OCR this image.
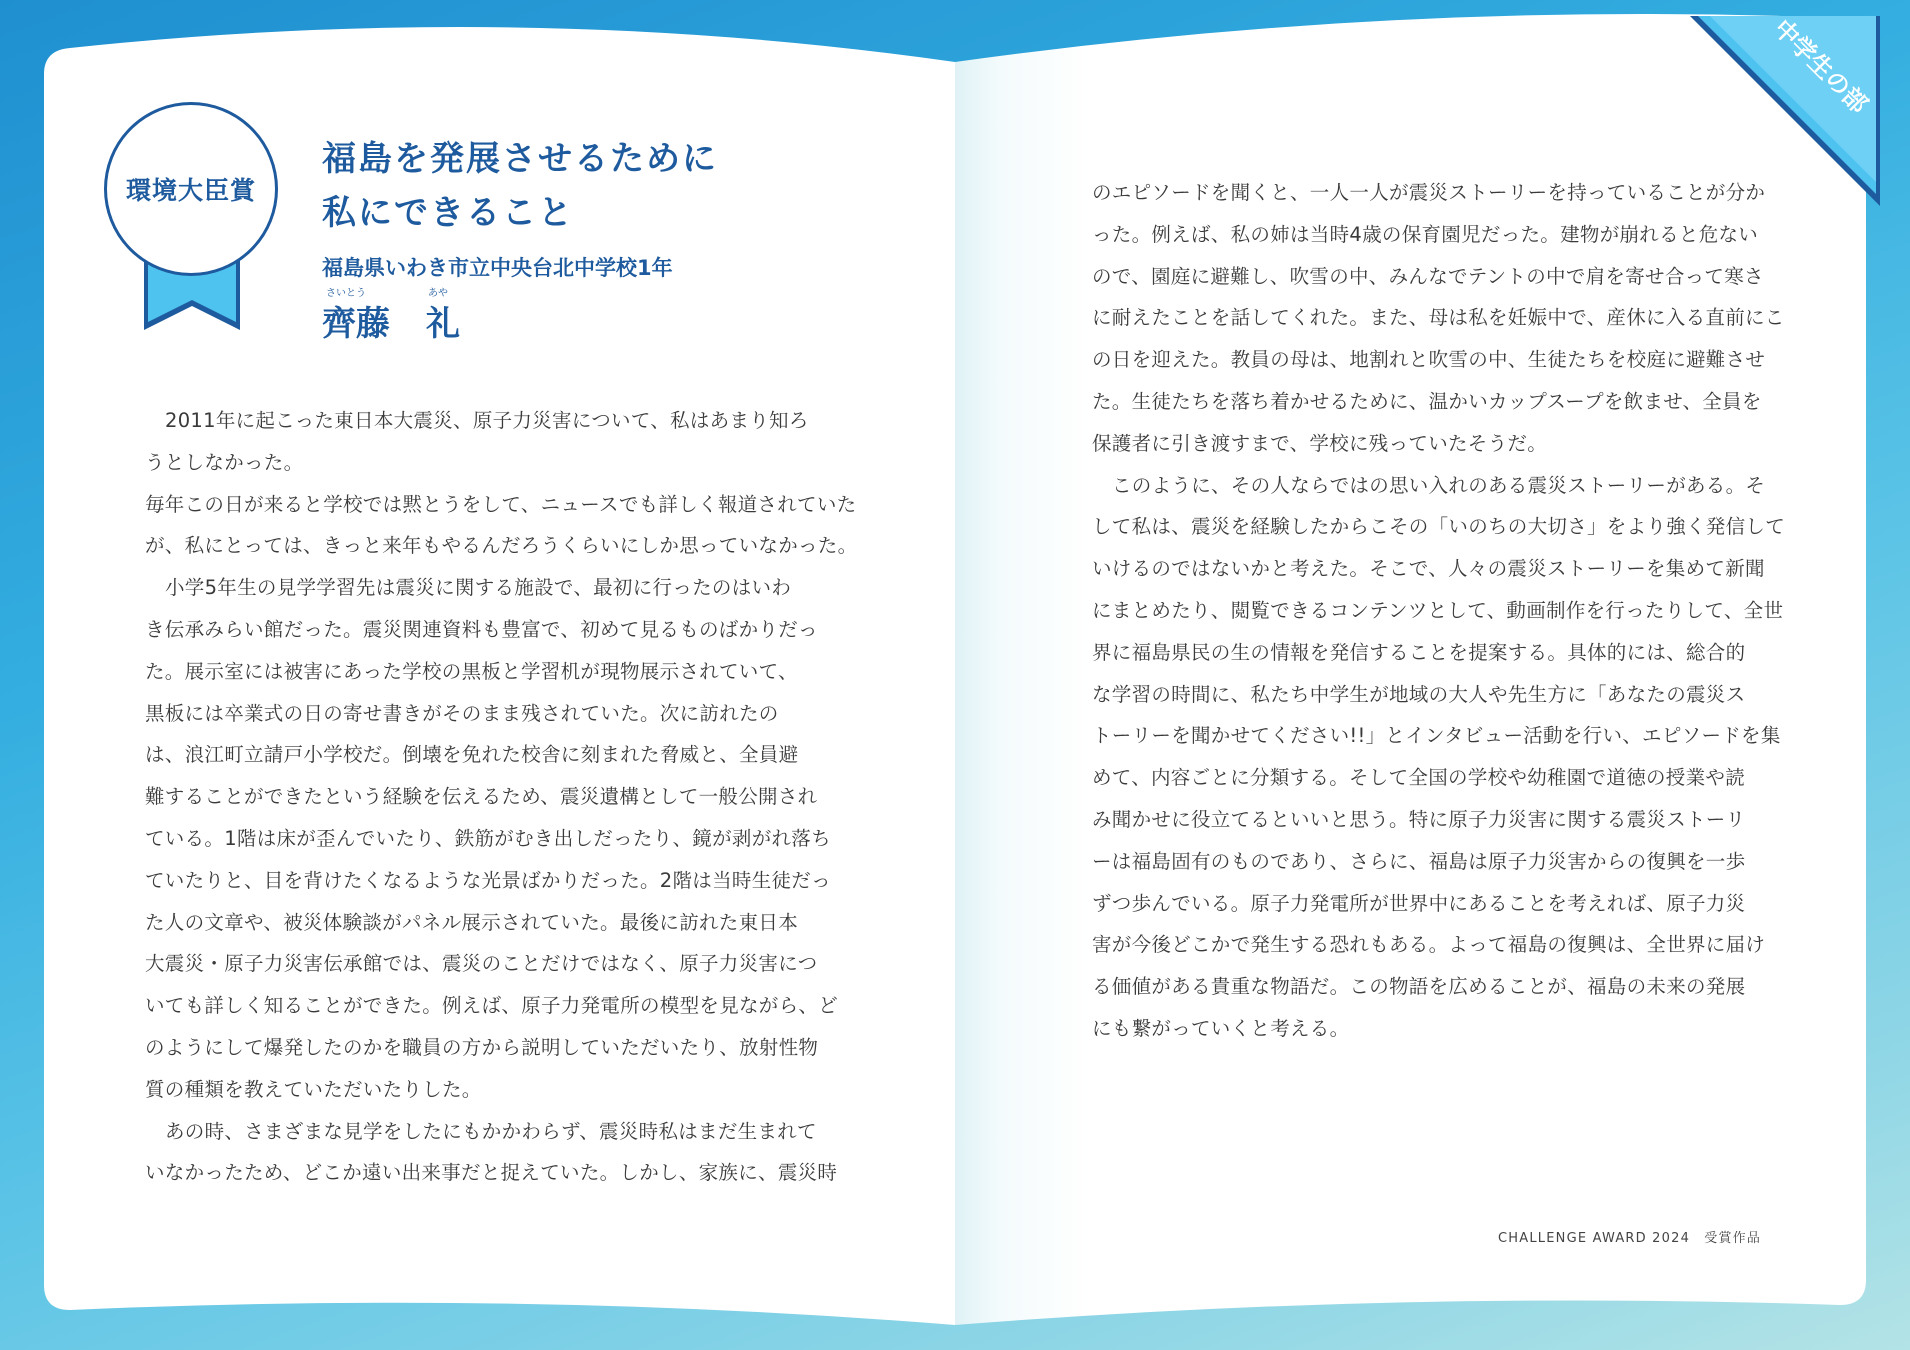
中学生の部
環境大臣賞
福島を発展させるために
私にできること
福島県いわき市立中央台北中学校1年
さいとう	あや
齊藤 礼

2011年に起こった東日本大震災、原子力災害について、私はあまり知ろ

うとしなかった。

毎年この日が来ると学校では黙とうをして、ニュースでも詳しく報道されていた

が、私にとっては、きっと来年もやるんだろうくらいにしか思っていなかった。

小学5年生の見学学習先は震災に関する施設で、最初に行ったのはいわ

き伝承みらい館だった。震災関連資料も豊富で、初めて見るものばかりだっ

た。展示室には被害にあった学校の黒板と学習机が現物展示されていて、

黒板には卒業式の日の寄せ書きがそのまま残されていた。次に訪れたの

は、浪江町立請戸小学校だ。倒壊を免れた校舎に刻まれた脅威と、全員避

難することができたという経験を伝えるため、震災遺構として一般公開され

ている。1階は床が歪んでいたり、鉄筋がむき出しだったり、鏡が剥がれ落ち

ていたりと、目を背けたくなるような光景ばかりだった。2階は当時生徒だっ

た人の文章や、被災体験談がパネル展示されていた。最後に訪れた東日本

大震災・原子力災害伝承館では、震災のことだけではなく、原子力災害につ

いても詳しく知ることができた。例えば、原子力発電所の模型を見ながら、ど

のようにして爆発したのかを職員の方から説明していただいたり、放射性物

質の種類を教えていただいたりした。

あの時、さまざまな見学をしたにもかかわらず、震災時私はまだ生まれて

いなかったため、どこか遠い出来事だと捉えていた。しかし、家族に、震災時

のエピソードを聞くと、一人一人が震災ストーリーを持っていることが分か

った。例えば、私の姉は当時4歳の保育園児だった。建物が崩れると危ない

ので、園庭に避難し、吹雪の中、みんなでテントの中で肩を寄せ合って寒さ

に耐えたことを話してくれた。また、母は私を妊娠中で、産休に入る直前にこ

の日を迎えた。教員の母は、地割れと吹雪の中、生徒たちを校庭に避難させ

た。生徒たちを落ち着かせるために、温かいカップスープを飲ませ、全員を

保護者に引き渡すまで、学校に残っていたそうだ。

このように、その人ならではの思い入れのある震災ストーリーがある。そ

して私は、震災を経験したからこその「いのちの大切さ」をより強く発信して

いけるのではないかと考えた。そこで、人々の震災ストーリーを集めて新聞

にまとめたり、閲覧できるコンテンツとして、動画制作を行ったりして、全世

界に福島県民の生の情報を発信することを提案する。具体的には、総合的

な学習の時間に、私たち中学生が地域の大人や先生方に「あなたの震災ス

トーリーを聞かせてください!!」とインタビュー活動を行い、エピソードを集

めて、内容ごとに分類する。そして全国の学校や幼稚園で道徳の授業や読

み聞かせに役立てるといいと思う。特に原子力災害に関する震災ストーリ

ーは福島固有のものであり、さらに、福島は原子力災害からの復興を一歩

ずつ歩んでいる。原子力発電所が世界中にあることを考えれば、原子力災

害が今後どこかで発生する恐れもある。よって福島の復興は、全世界に届け

る価値がある貴重な物語だ。この物語を広めることが、福島の未来の発展

にも繋がっていくと考える。

CHALLENGE AWARD 2024　受賞作品
